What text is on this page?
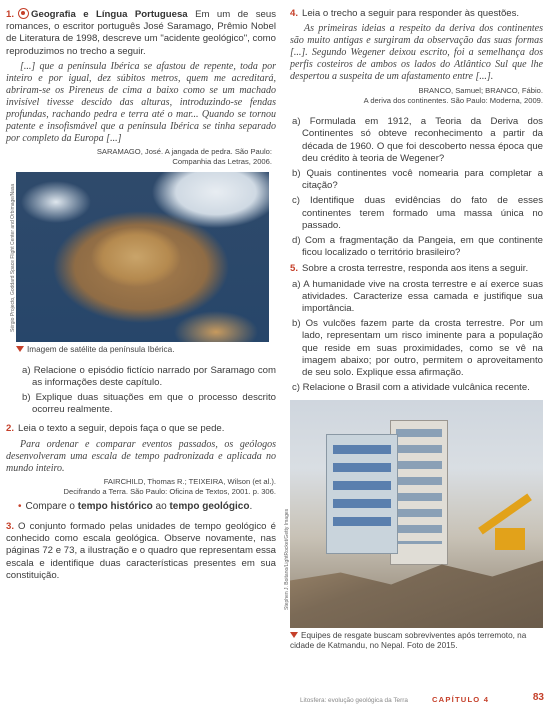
1. Geografia e Língua Portuguesa Em um de seus romances, o escritor português José Saramago, Prêmio Nobel de Literatura de 1998, descreve um "acidente geológico", como reproduzimos no trecho a seguir.

[...] que a península Ibérica se afastou de repente, toda por inteiro e por igual, dez súbitos metros, quem me acreditará, abriram-se os Pireneus de cima a baixo como se um machado invisível tivesse descido das alturas, introduzindo-se fendas profundas, rachando pedra e terra até o mar... Quando se tornou patente e insofismável que a península Ibérica se tinha separado por completo da Europa [...]

SARAMAGO, José. A jangada de pedra. São Paulo:
Companhia das Letras, 2006.
Sérgio Projecto, Goddard Space Flight Center and Orbimage/Nasa
Imagem de satélite da península Ibérica.
a) Relacione o episódio fictício narrado por Saramago com as informações deste capítulo.
b) Explique duas situações em que o processo descrito ocorreu realmente.
2. Leia o texto a seguir, depois faça o que se pede.

Para ordenar e comparar eventos passados, os geólogos desenvolveram uma escala de tempo padronizada e aplicada no mundo inteiro.

FAIRCHILD, Thomas R.; TEIXEIRA, Wilson (et al.).
Decifrando a Terra. São Paulo: Oficina de Textos, 2001. p. 306.
• Compare o tempo histórico ao tempo geológico.
3. O conjunto formado pelas unidades de tempo geológico é conhecido como escala geológica. Observe novamente, nas páginas 72 e 73, a ilustração e o quadro que representam essa escala e identifique duas características presentes em sua constituição.
4. Leia o trecho a seguir para responder às questões.

As primeiras ideias a respeito da deriva dos continentes são muito antigas e surgiram da observação das suas formas [...]. Segundo Wegener deixou escrito, foi a semelhança dos perfis costeiros de ambos os lados do Atlântico Sul que lhe despertou a suspeita de um afastamento entre [...].

BRANCO, Samuel; BRANCO, Fábio.
A deriva dos continentes. São Paulo: Moderna, 2009.
a) Formulada em 1912, a Teoria da Deriva dos Continentes só obteve reconhecimento a partir da década de 1960. O que foi descoberto nessa época que deu crédito à teoria de Wegener?
b) Quais continentes você nomearia para completar a citação?
c) Identifique duas evidências do fato de esses continentes terem formado uma massa única no passado.
d) Com a fragmentação da Pangeia, em que continente ficou localizado o território brasileiro?
5. Sobre a crosta terrestre, responda aos itens a seguir.
a) A humanidade vive na crosta terrestre e aí exerce suas atividades. Caracterize essa camada e justifique sua importância.
b) Os vulcões fazem parte da crosta terrestre. Por um lado, representam um risco iminente para a população que reside em suas proximidades, como se vê na imagem abaixo; por outro, permitem o aproveitamento de seu solo. Explique essa afirmação.
c) Relacione o Brasil com a atividade vulcânica recente.
Stephen J. Boitano/LightRocket/Getty Images
Equipes de resgate buscam sobreviventes após terremoto, na cidade de Katmandu, no Nepal. Foto de 2015.
Litosfera: evolução geológica da Terra	CAPÍTULO 4	83
